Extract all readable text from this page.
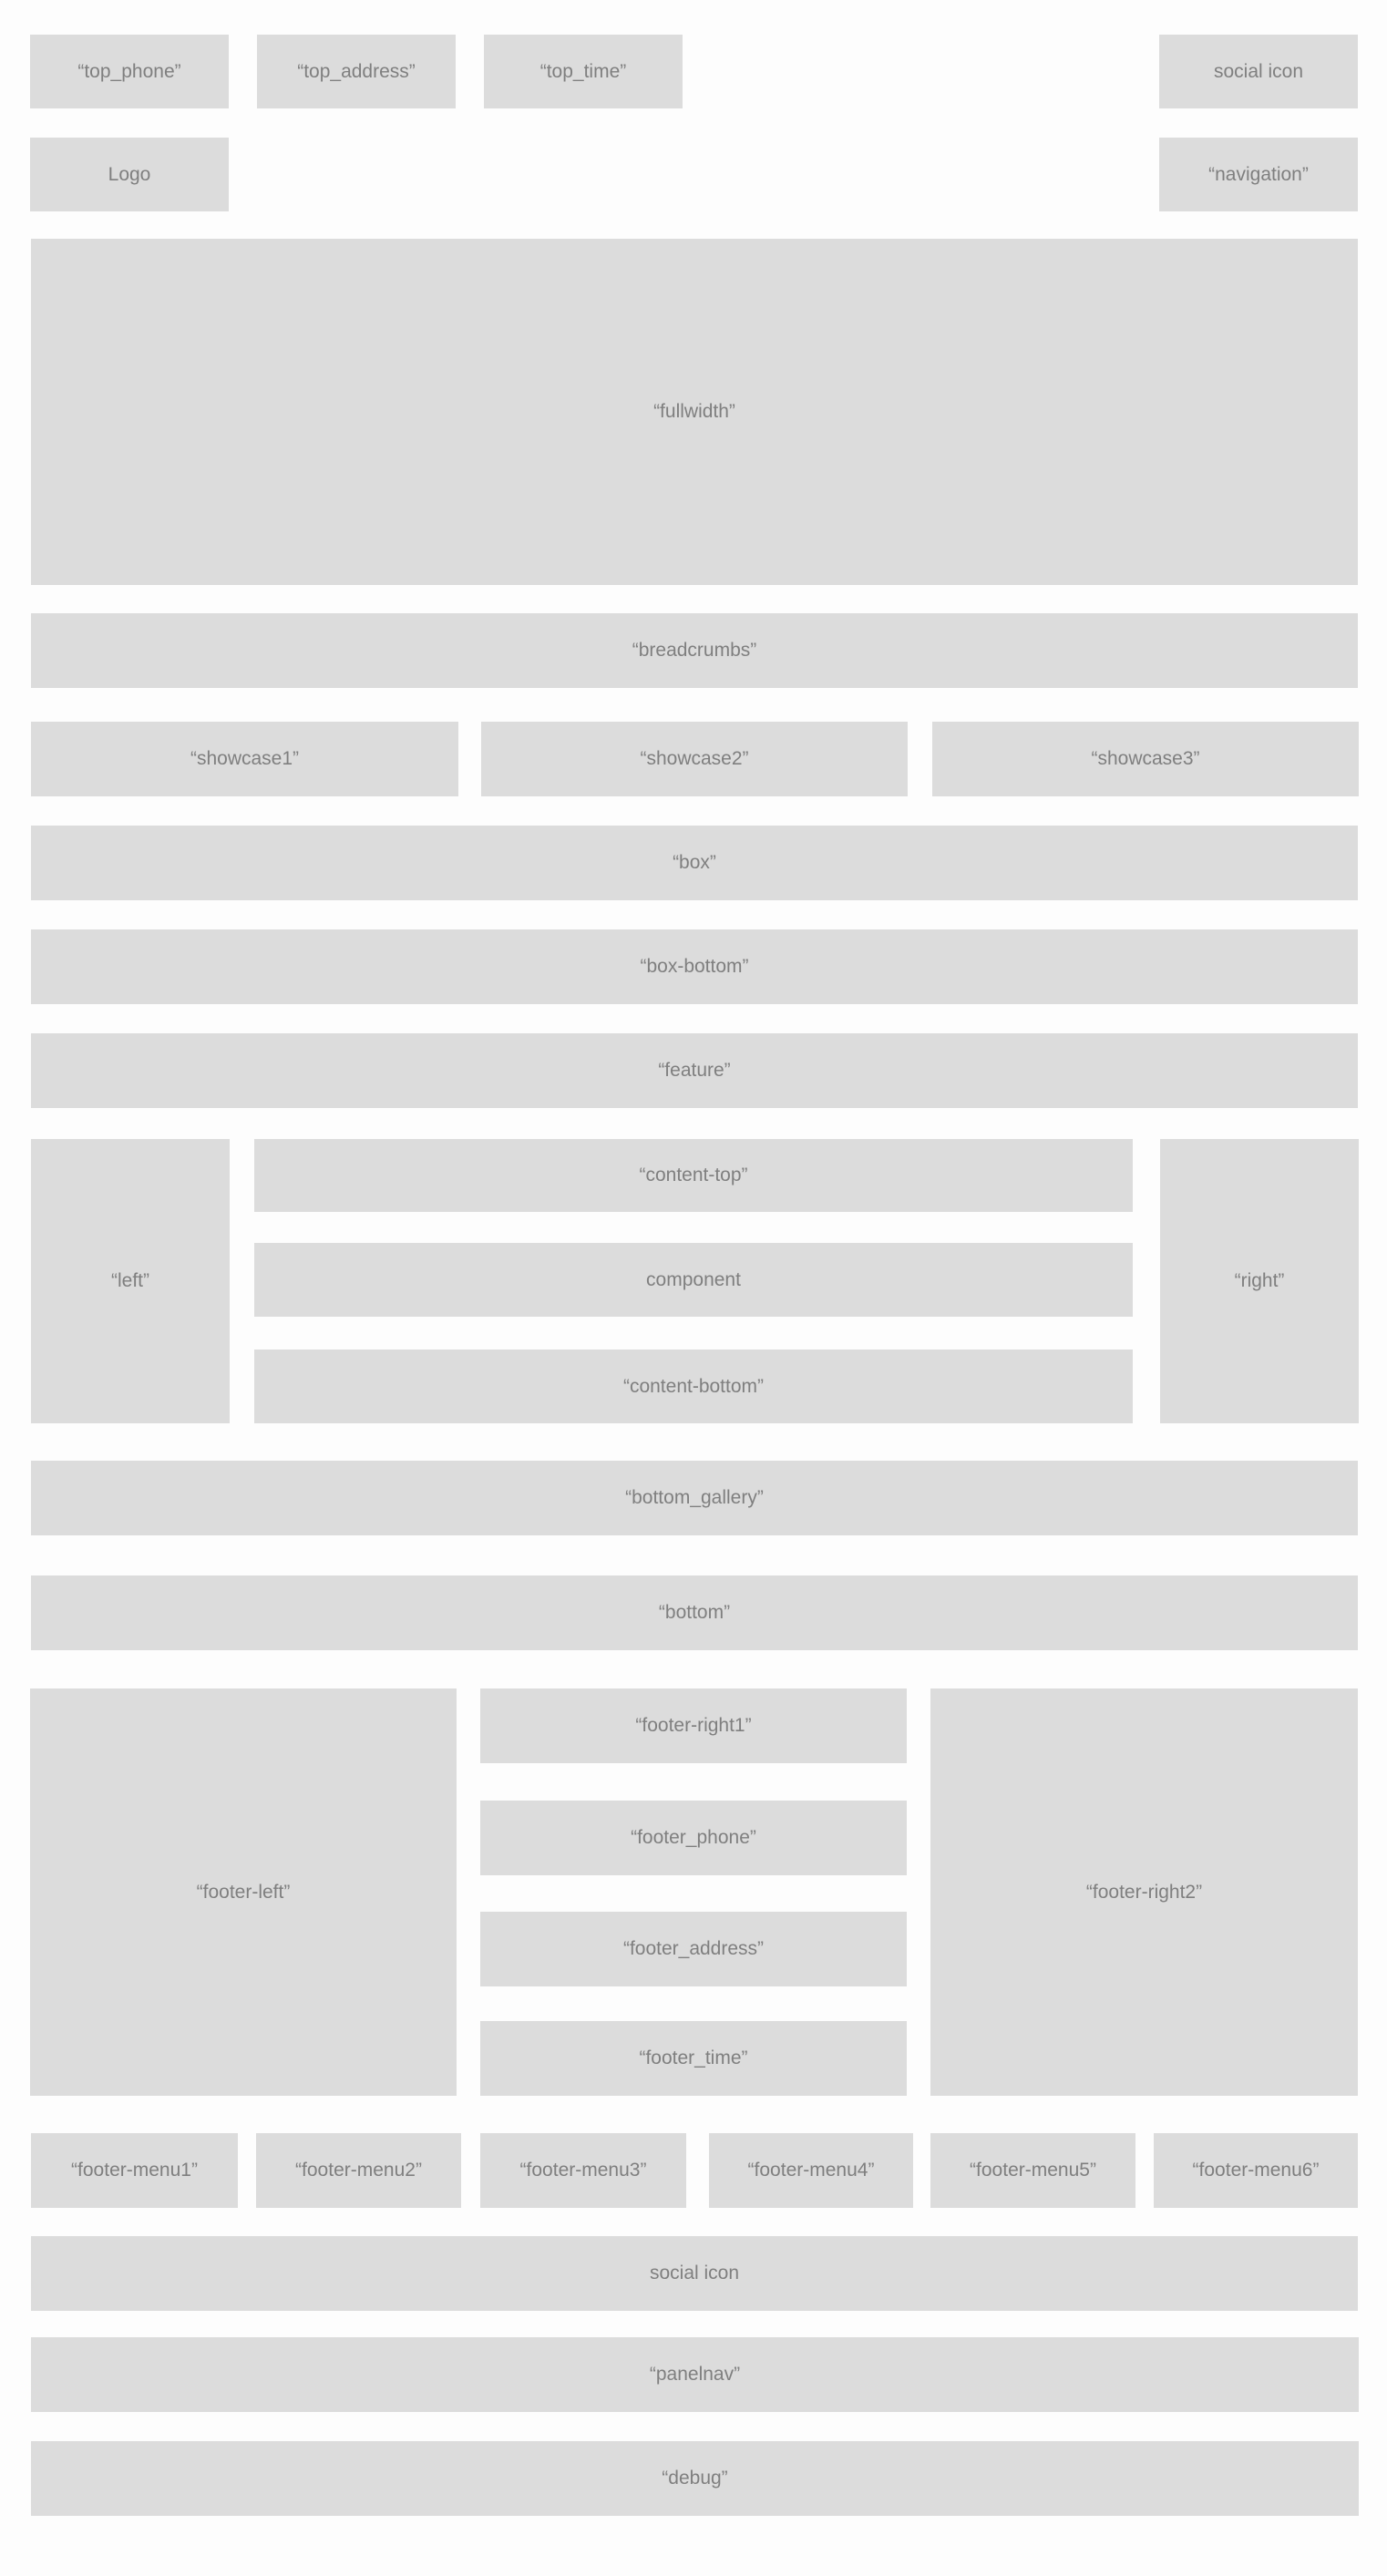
“top_phone”	“top_address”	“top_time”	social icon
Logo	“navigation”
“fullwidth”
“breadcrumbs”
“showcase1”	“showcase2”	“showcase3”
“box”
“box-bottom”
“feature”
“left”
“content-top”
component
“content-bottom”
“right”
“bottom_gallery”
“bottom”
“footer-left”
“footer-right1”
“footer_phone”
“footer_address”
“footer_time”
“footer-right2”
“footer-menu1”	“footer-menu2”	“footer-menu3”	“footer-menu4”	“footer-menu5”	“footer-menu6”
social icon
“panelnav”
“debug”
